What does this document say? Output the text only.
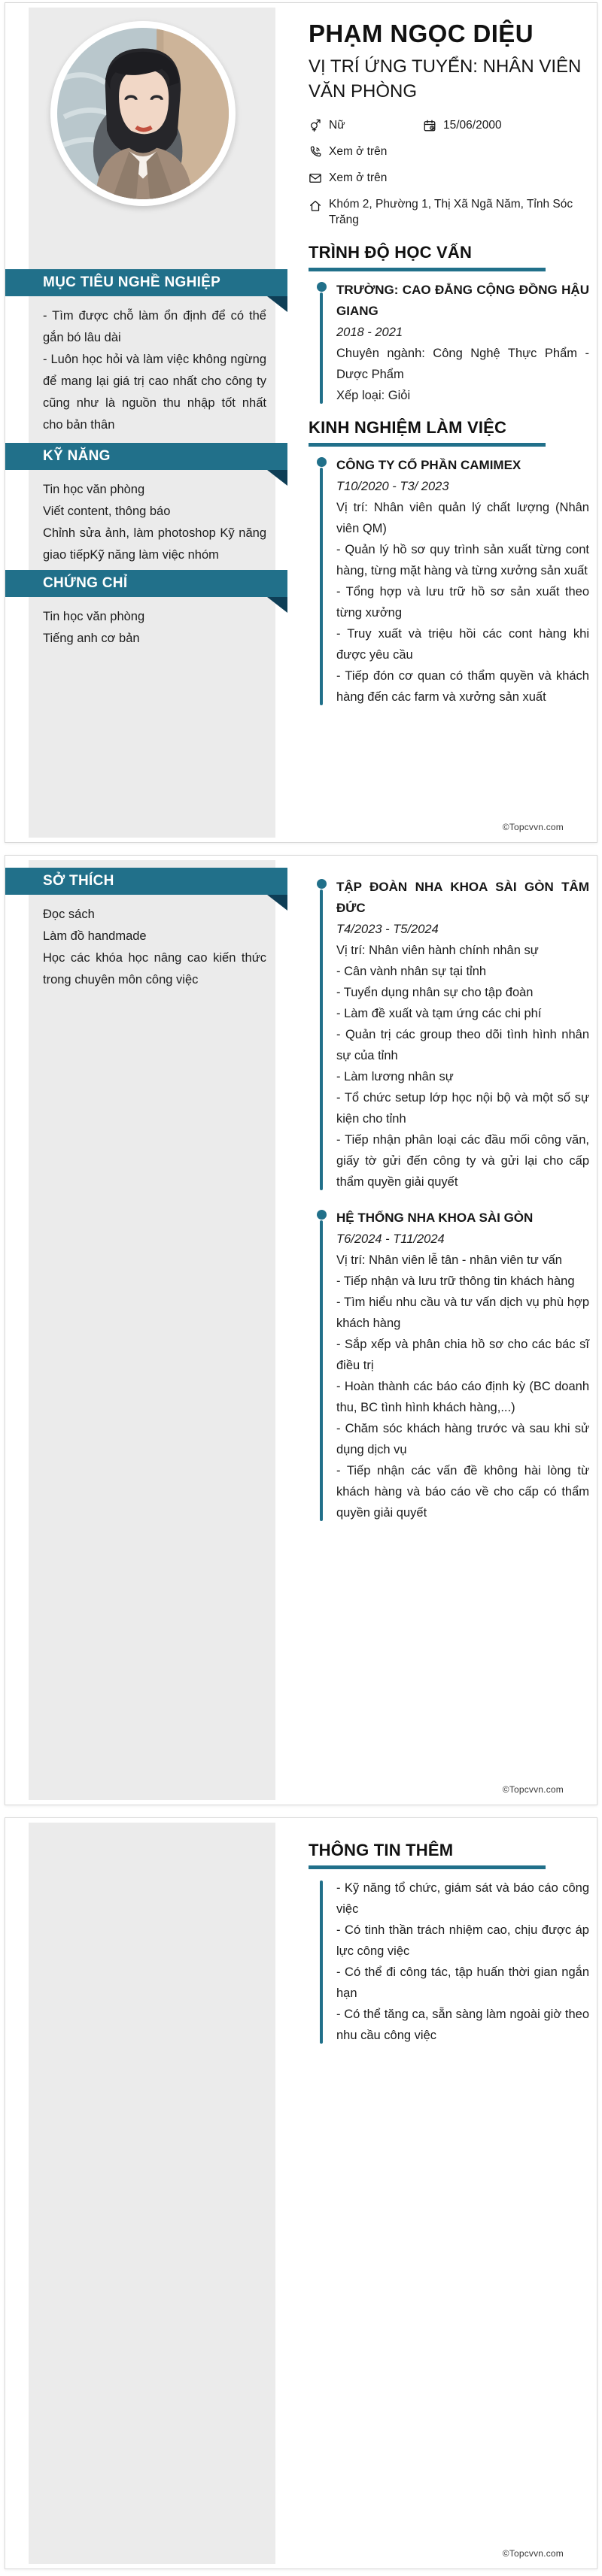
MỤC TIÊU NGHỀ NGHIỆP
- Tìm được chỗ làm ổn định để có thể gắn bó lâu dài
- Luôn học hỏi và làm việc không ngừng để mang lại giá trị cao nhất cho công ty cũng như là nguồn thu nhập tốt nhất cho bản thân
KỸ NĂNG
Tin học văn phòng
Viết content, thông báo
Chỉnh sửa ảnh, làm photoshop Kỹ năng giao tiếpKỹ năng làm việc nhóm
CHỨNG CHỈ
Tin học văn phòng
Tiếng anh cơ bản
PHẠM NGỌC DIỆU
VỊ TRÍ ỨNG TUYỂN: NHÂN VIÊN VĂN PHÒNG
Nữ	15/06/2000
Xem ở trên
Xem ở trên
Khóm 2, Phường 1, Thị Xã Ngã Năm, Tỉnh Sóc Trăng
TRÌNH ĐỘ HỌC VẤN
TRƯỜNG: CAO ĐẲNG CỘNG ĐỒNG HẬU GIANG
2018 - 2021
Chuyên ngành: Công Nghệ Thực Phẩm - Dược Phẩm
Xếp loại: Giỏi
KINH NGHIỆM LÀM VIỆC
CÔNG TY CỔ PHẦN CAMIMEX
T10/2020 - T3/ 2023
Vị trí: Nhân viên quản lý chất lượng (Nhân viên QM)
- Quản lý hồ sơ quy trình sản xuất từng cont hàng, từng mặt hàng và từng xưởng sản xuất
- Tổng hợp và lưu trữ hồ sơ sản xuất theo từng xưởng
- Truy xuất và triệu hồi các cont hàng khi được yêu cầu
- Tiếp đón cơ quan có thẩm quyền và khách hàng đến các farm và xưởng sản xuất
©Topcvvn.com
SỞ THÍCH
Đọc sách
Làm đồ handmade
Học các khóa học nâng cao kiến thức trong chuyên môn công việc
TẬP ĐOÀN NHA KHOA SÀI GÒN TÂM ĐỨC
T4/2023 - T5/2024
Vị trí: Nhân viên hành chính nhân sự
- Cân vành nhân sự tại tỉnh
- Tuyển dụng nhân sự cho tập đoàn
- Làm đề xuất và tạm ứng các chi phí
- Quản trị các group theo dõi tình hình nhân sự của tỉnh
- Làm lương nhân sự
- Tổ chức setup lớp học nội bộ và một số sự kiện cho tỉnh
- Tiếp nhận phân loại các đầu mối công văn, giấy tờ gửi đến công ty và gửi lại cho cấp thẩm quyền giải quyết
HỆ THỐNG NHA KHOA SÀI GÒN
T6/2024 - T11/2024
Vị trí: Nhân viên lễ tân - nhân viên tư vấn
- Tiếp nhận và lưu trữ thông tin khách hàng
- Tìm hiểu nhu cầu và tư vấn dịch vụ phù hợp khách hàng
- Sắp xếp và phân chia hồ sơ cho các bác sĩ điều trị
- Hoàn thành các báo cáo định kỳ (BC doanh thu, BC tình hình khách hàng,...)
- Chăm sóc khách hàng trước và sau khi sử dụng dịch vụ
- Tiếp nhận các vấn đề không hài lòng từ khách hàng và báo cáo về cho cấp có thẩm quyền giải quyết
©Topcvvn.com
THÔNG TIN THÊM
- Kỹ năng tổ chức, giám sát và báo cáo công việc
- Có tinh thần trách nhiệm cao, chịu được áp lực công việc
- Có thể đi công tác, tập huấn thời gian ngắn hạn
- Có thể tăng ca, sẵn sàng làm ngoài giờ theo nhu cầu công việc
©Topcvvn.com
